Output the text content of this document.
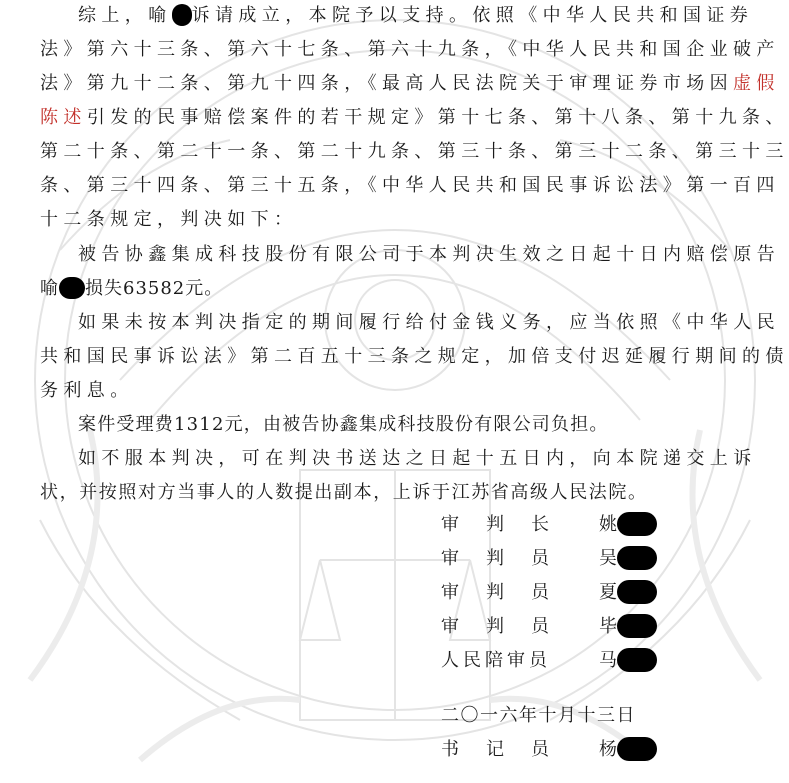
综上，喻 诉请成立，本院予以支持。依照《中华人民共和国证券
法》第六十三条、第六十七条、第六十九条，《中华人民共和国企业破产
法》第九十二条、第九十四条，《最高人民法院关于审理证券市场因虚假
陈述引发的民事赔偿案件的若干规定》第十七条、第十八条、第十九条、
第二十条、第二十一条、第二十九条、第三十条、第三十二条、第三十三
条、第三十四条、第三十五条，《中华人民共和国民事诉讼法》第一百四
十二条规定，判决如下：
被告协鑫集成科技股份有限公司于本判决生效之日起十日内赔偿原告
喻 损失63582元。
如果未按本判决指定的期间履行给付金钱义务，应当依照《中华人民
共和国民事诉讼法》第二百五十三条之规定，加倍支付迟延履行期间的债
务利息。
案件受理费1312元，由被告协鑫集成科技股份有限公司负担。
如不服本判决，可在判决书送达之日起十五日内，向本院递交上诉
状，并按照对方当事人的人数提出副本，上诉于江苏省高级人民法院。
审判长 姚
审判员 吴
审判员 夏
审判员 毕
人民陪审员	马
二〇一六年十月十三日
书记员 杨
